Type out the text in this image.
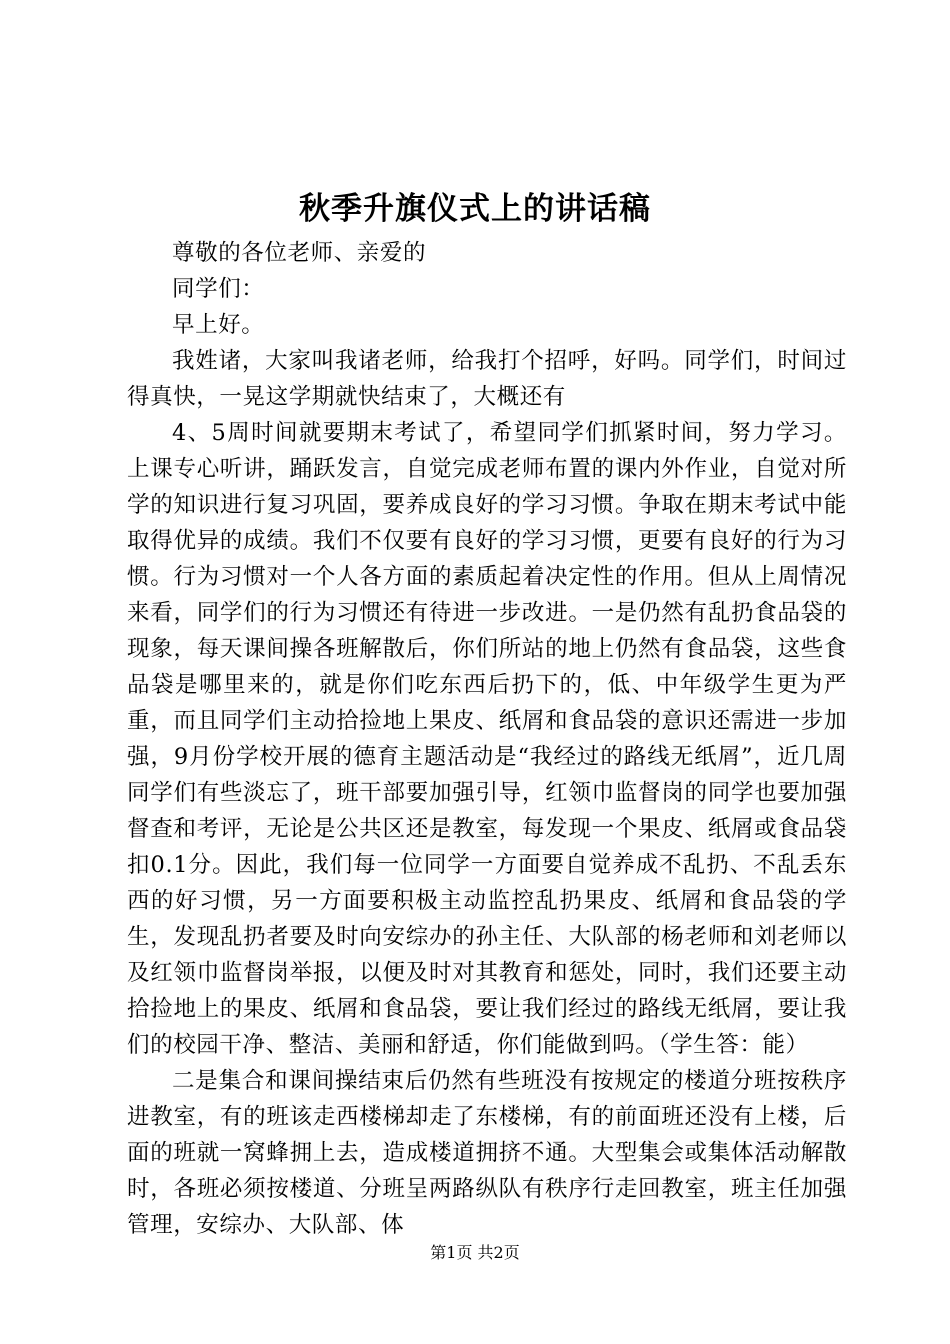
秋季升旗仪式上的讲话稿

尊敬的各位老师、亲爱的

同学们：

早上好。

我姓诸，大家叫我诸老师，给我打个招呼，好吗。同学们，时间过得真快，一晃这学期就快结束了，大概还有

4、5周时间就要期末考试了，希望同学们抓紧时间，努力学习。上课专心听讲，踊跃发言，自觉完成老师布置的课内外作业，自觉对所学的知识进行复习巩固，要养成良好的学习习惯。争取在期末考试中能取得优异的成绩。我们不仅要有良好的学习习惯，更要有良好的行为习惯。行为习惯对一个人各方面的素质起着决定性的作用。但从上周情况来看，同学们的行为习惯还有待进一步改进。一是仍然有乱扔食品袋的现象，每天课间操各班解散后，你们所站的地上仍然有食品袋，这些食品袋是哪里来的，就是你们吃东西后扔下的，低、中年级学生更为严重，而且同学们主动拾捡地上果皮、纸屑和食品袋的意识还需进一步加强，9月份学校开展的德育主题活动是“我经过的路线无纸屑”，近几周同学们有些淡忘了，班干部要加强引导，红领巾监督岗的同学也要加强督查和考评，无论是公共区还是教室，每发现一个果皮、纸屑或食品袋扣0.1分。因此，我们每一位同学一方面要自觉养成不乱扔、不乱丢东西的好习惯，另一方面要积极主动监控乱扔果皮、纸屑和食品袋的学生，发现乱扔者要及时向安综办的孙主任、大队部的杨老师和刘老师以及红领巾监督岗举报，以便及时对其教育和惩处，同时，我们还要主动拾捡地上的果皮、纸屑和食品袋，要让我们经过的路线无纸屑，要让我们的校园干净、整洁、美丽和舒适，你们能做到吗。（学生答：能）

二是集合和课间操结束后仍然有些班没有按规定的楼道分班按秩序进教室，有的班该走西楼梯却走了东楼梯，有的前面班还没有上楼，后面的班就一窝蜂拥上去，造成楼道拥挤不通。大型集会或集体活动解散时，各班必须按楼道、分班呈两路纵队有秩序行走回教室，班主任加强管理，安综办、大队部、体

第1页 共2页
